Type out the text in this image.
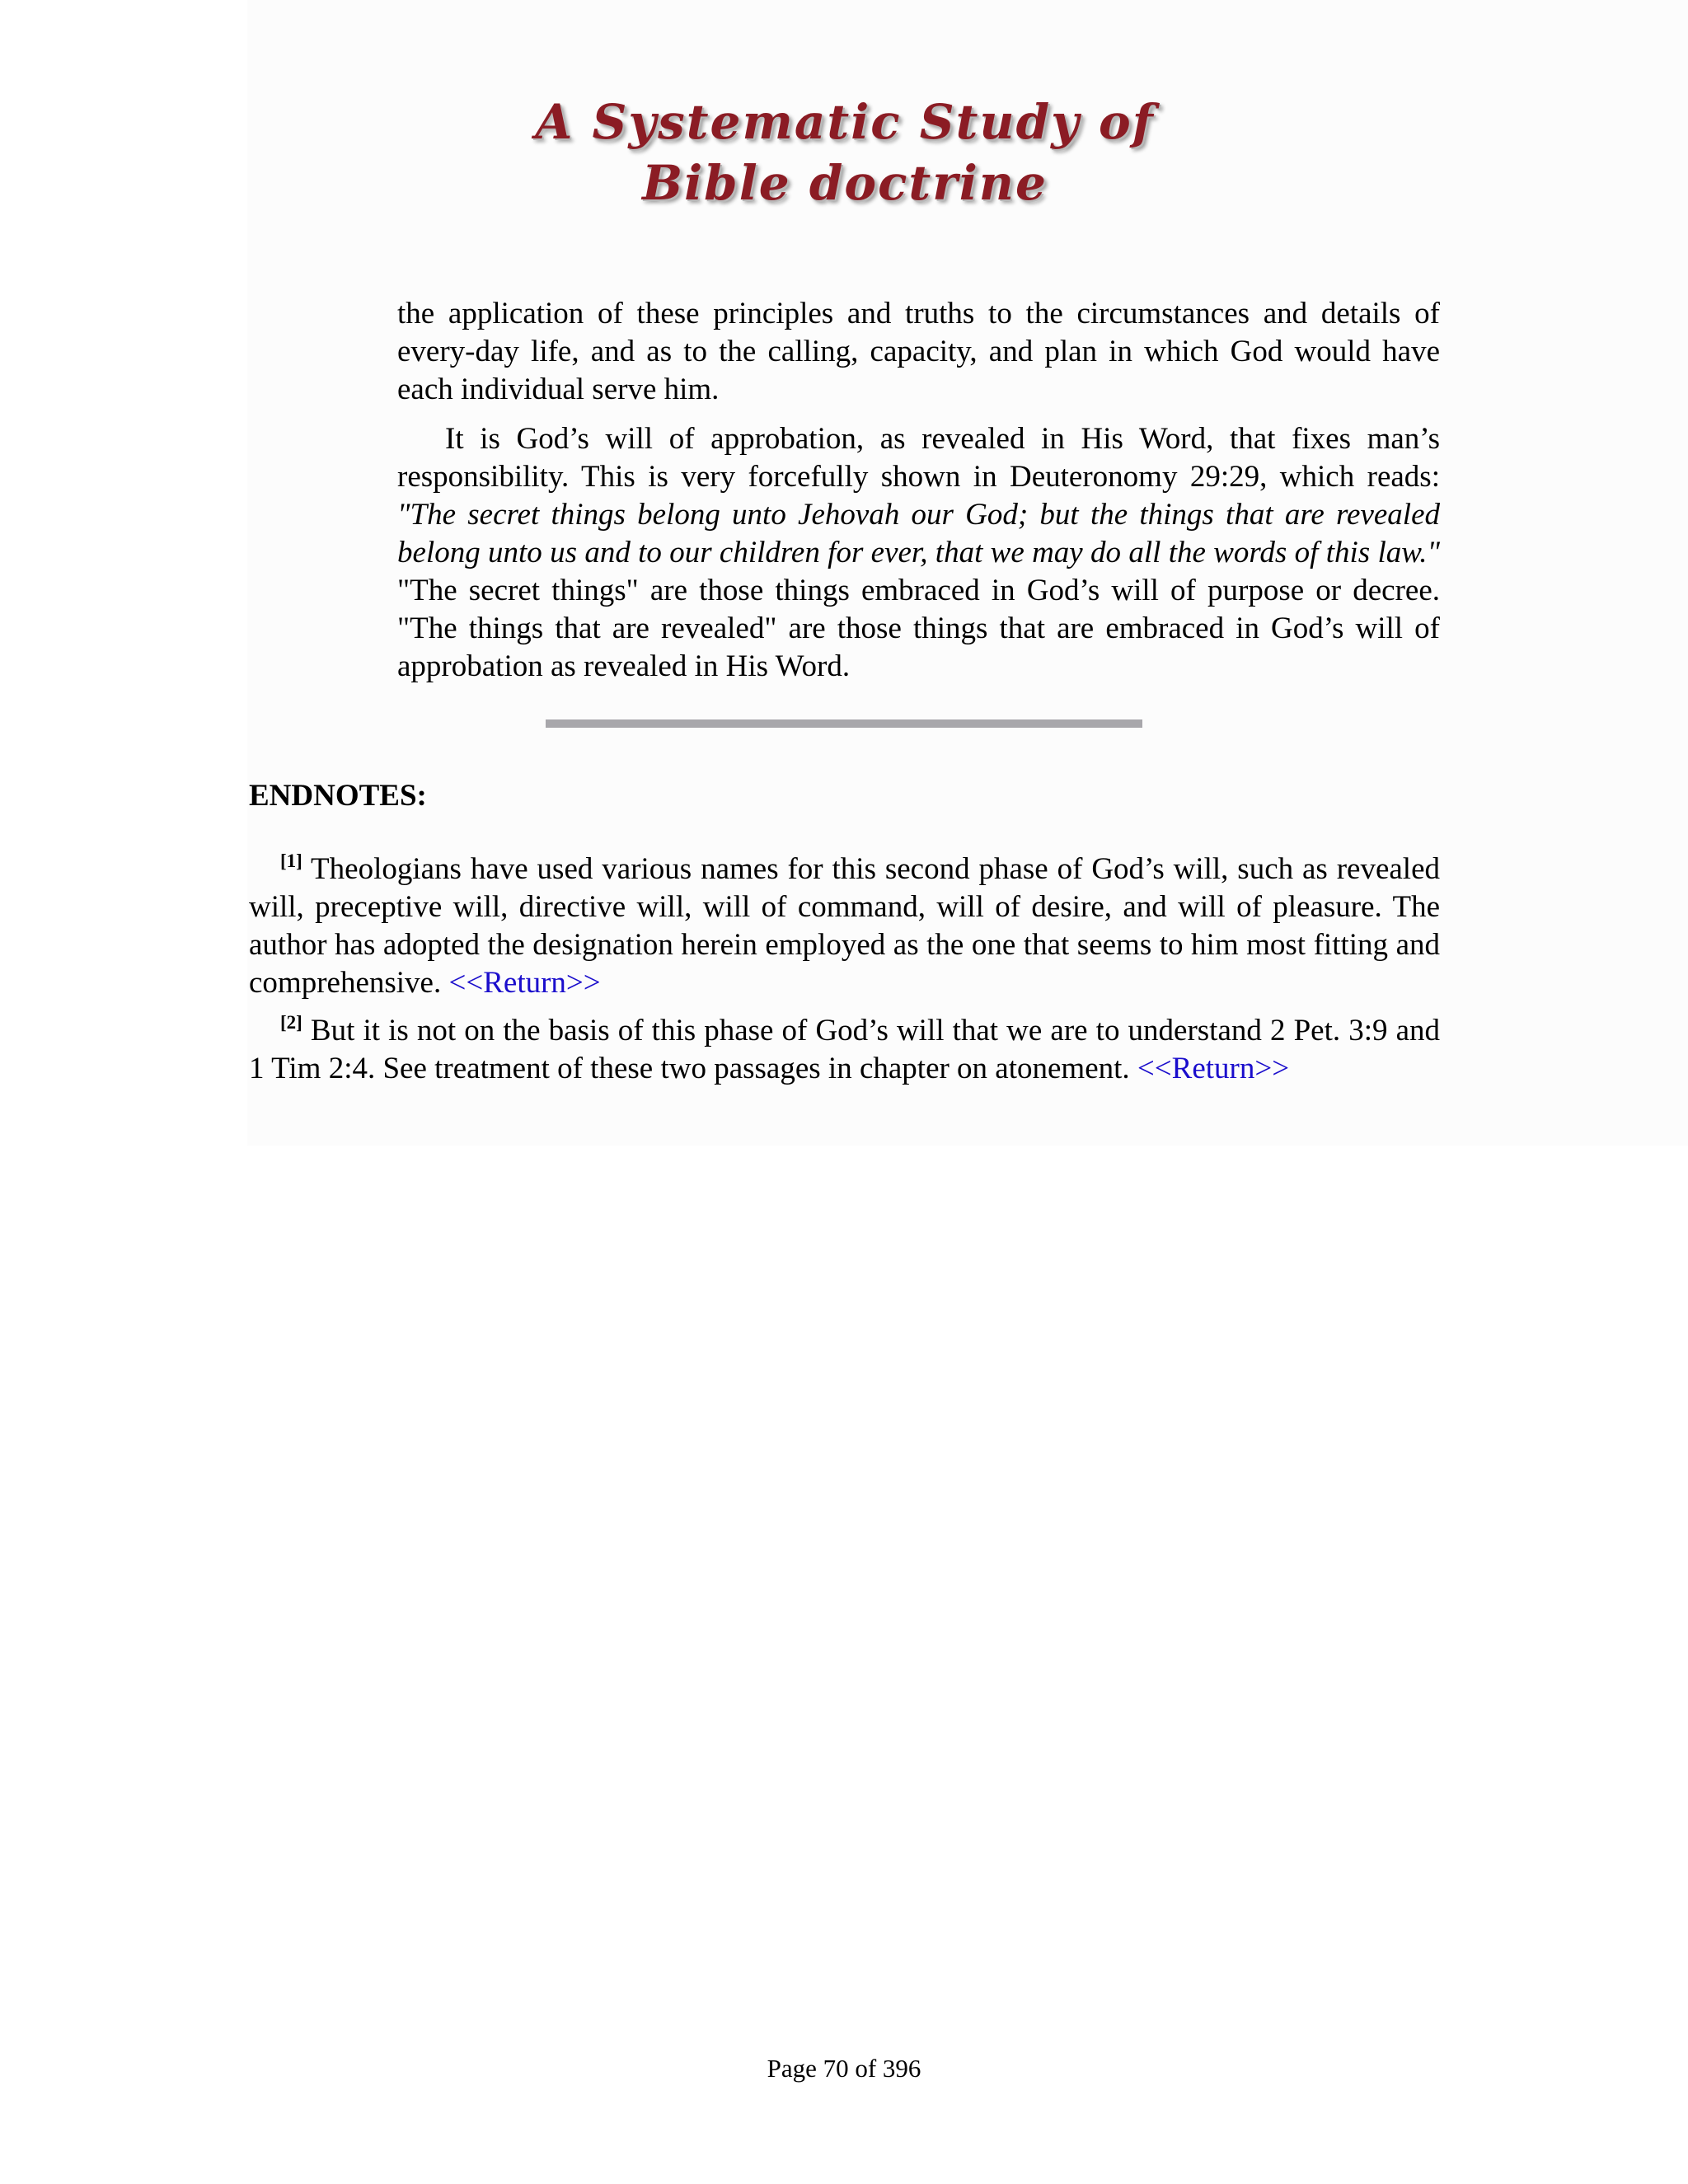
A Systematic Study of
Bible doctrine

the application of these principles and truths to the circumstances and details of every-day life, and as to the calling, capacity, and plan in which God would have each individual serve him.

It is God’s will of approbation, as revealed in His Word, that fixes man’s responsibility. This is very forcefully shown in Deuteronomy 29:29, which reads: "The secret things belong unto Jehovah our God; but the things that are revealed belong unto us and to our children for ever, that we may do all the words of this law." "The secret things" are those things embraced in God’s will of purpose or decree. "The things that are revealed" are those things that are embraced in God’s will of approbation as revealed in His Word.

ENDNOTES:

[1] Theologians have used various names for this second phase of God’s will, such as revealed will, preceptive will, directive will, will of command, will of desire, and will of pleasure. The author has adopted the designation herein employed as the one that seems to him most fitting and comprehensive. <<Return>>

[2] But it is not on the basis of this phase of God’s will that we are to understand 2 Pet. 3:9 and 1 Tim 2:4. See treatment of these two passages in chapter on atonement. <<Return>>

Page 70 of 396
